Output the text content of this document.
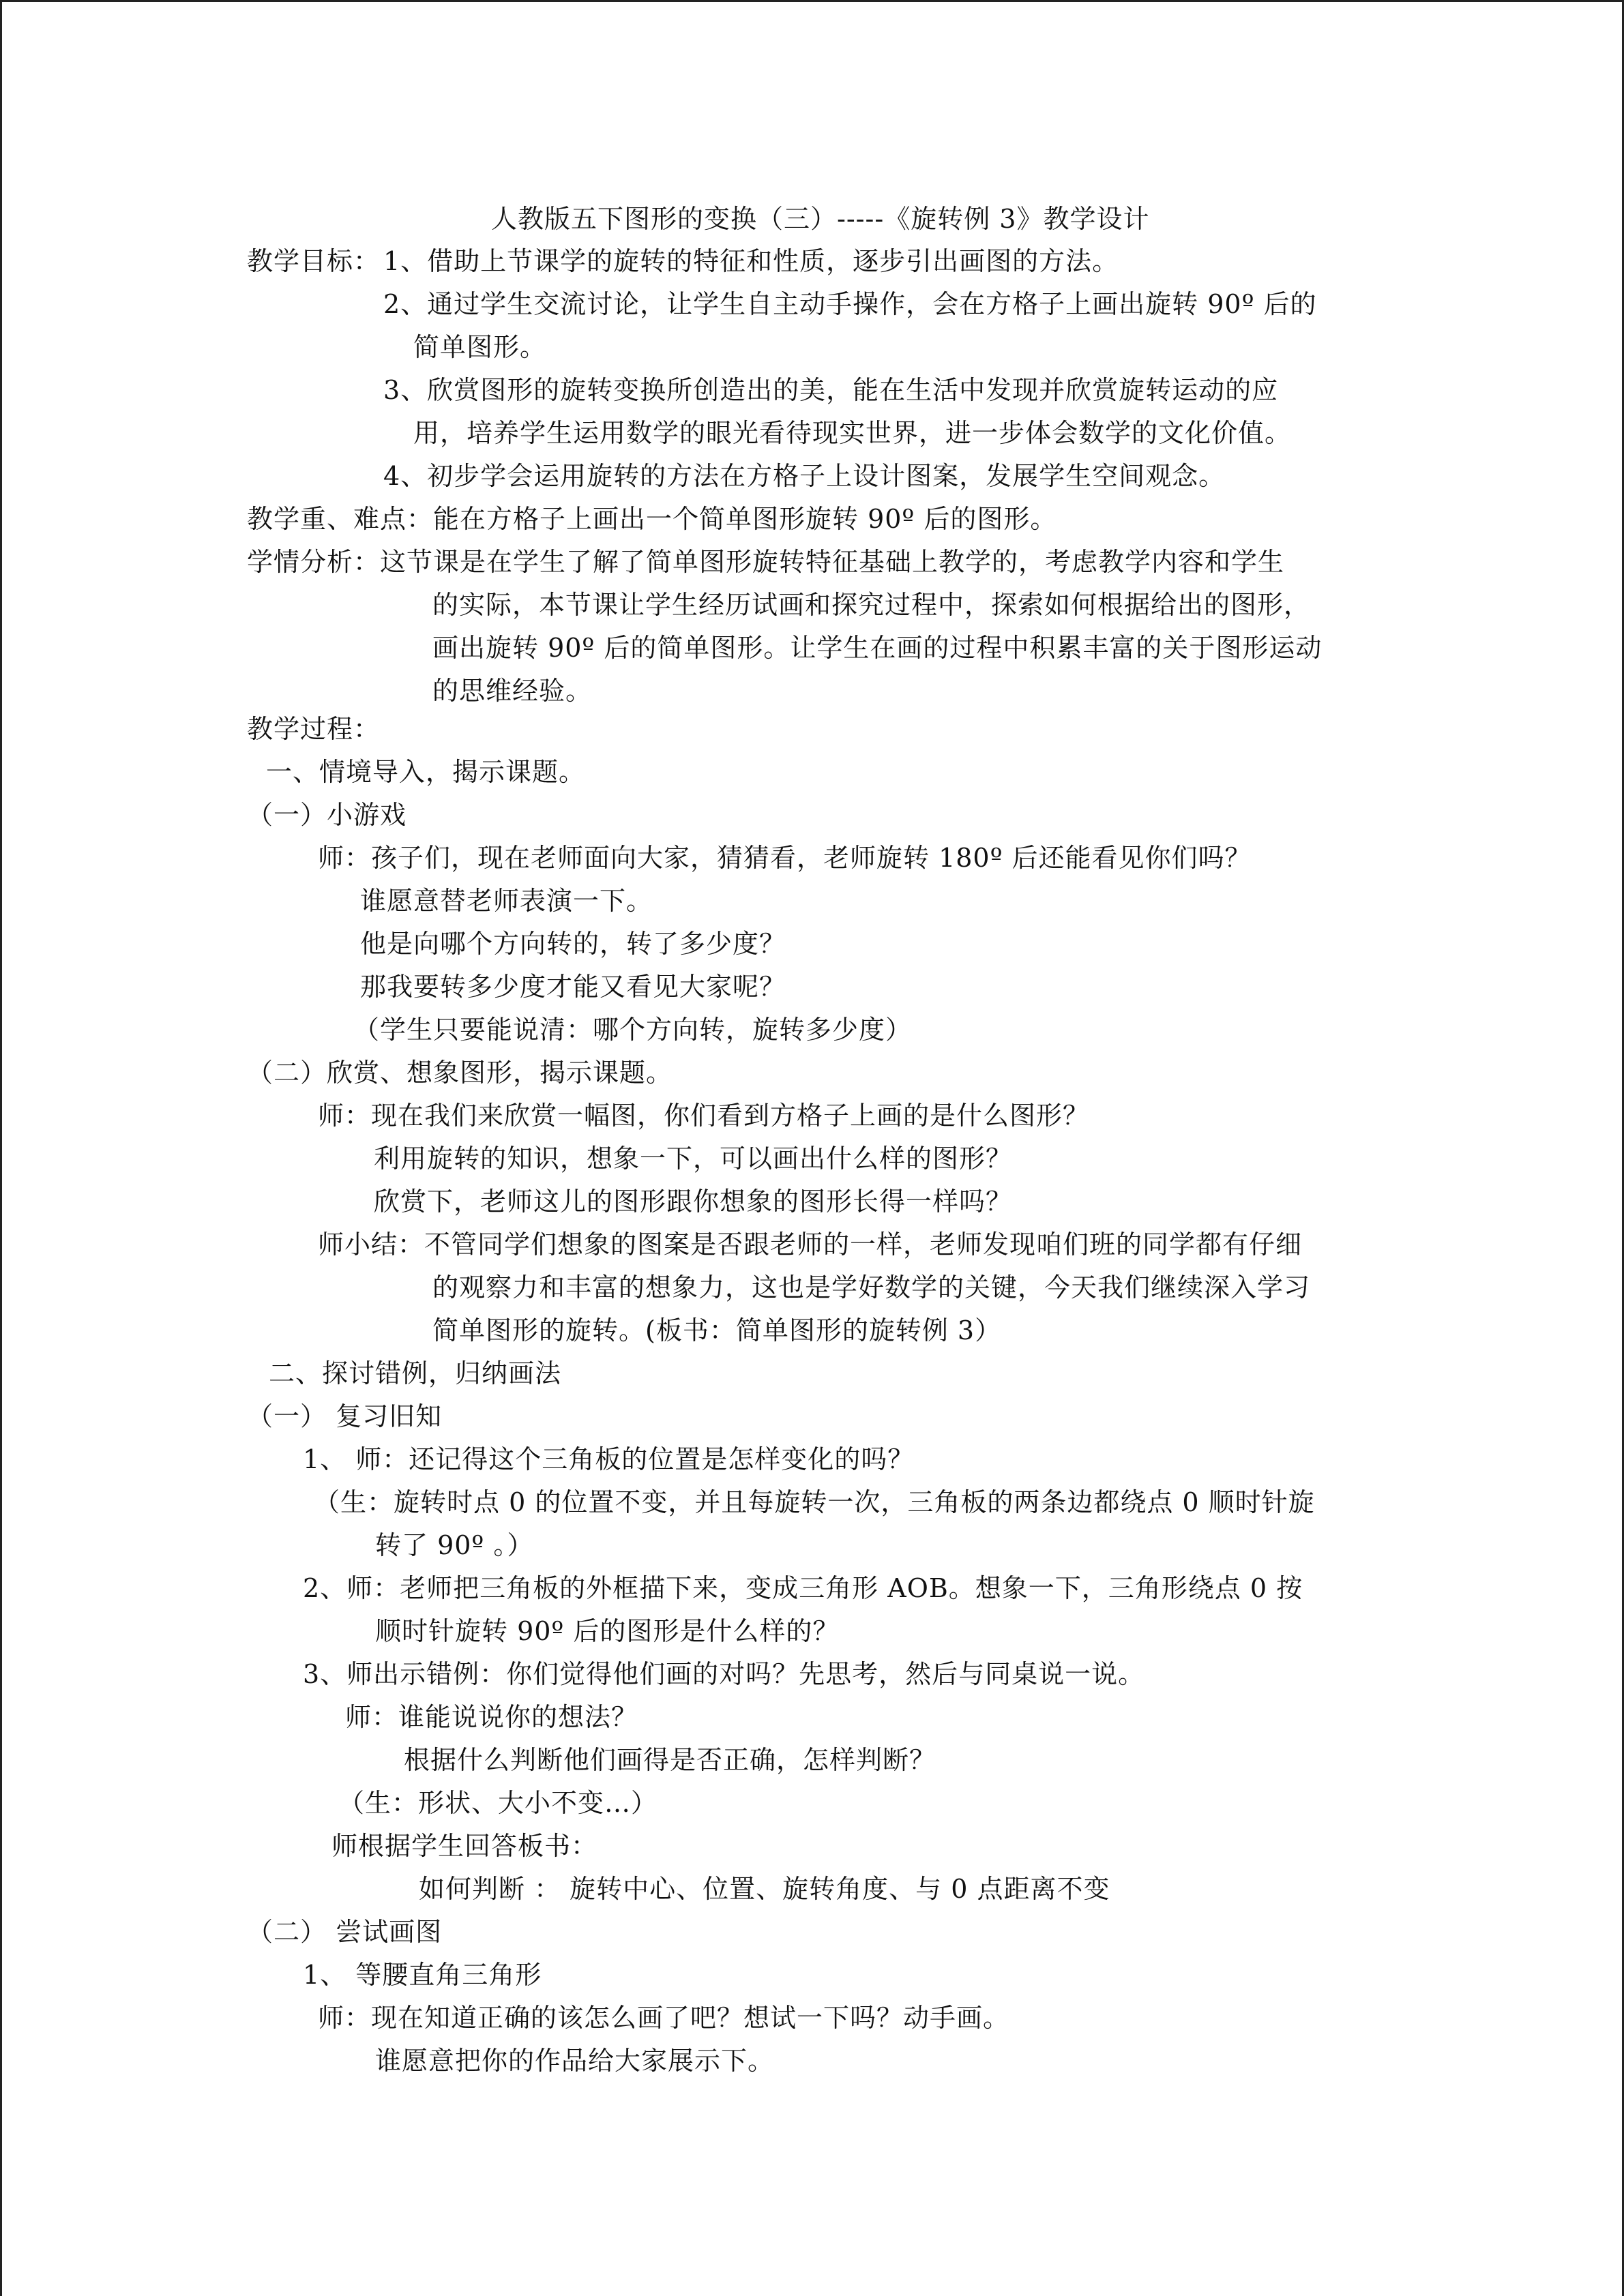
人教版五下图形的变换（三）-----《旋转例 3》教学设计

教学目标： 1、借助上节课学的旋转的特征和性质，逐步引出画图的方法。

2、通过学生交流讨论，让学生自主动手操作，会在方格子上画出旋转 90º 后的

简单图形。

3、欣赏图形的旋转变换所创造出的美，能在生活中发现并欣赏旋转运动的应

用，培养学生运用数学的眼光看待现实世界，进一步体会数学的文化价值。

4、初步学会运用旋转的方法在方格子上设计图案，发展学生空间观念。

教学重、难点：能在方格子上画出一个简单图形旋转 90º 后的图形。

学情分析：这节课是在学生了解了简单图形旋转特征基础上教学的，考虑教学内容和学生

的实际，本节课让学生经历试画和探究过程中，探索如何根据给出的图形，

画出旋转 90º 后的简单图形。让学生在画的过程中积累丰富的关于图形运动

的思维经验。

教学过程：

一、情境导入，揭示课题。

（一）小游戏

师：孩子们，现在老师面向大家，猜猜看，老师旋转 180º 后还能看见你们吗？

谁愿意替老师表演一下。

他是向哪个方向转的，转了多少度？

那我要转多少度才能又看见大家呢？

（学生只要能说清：哪个方向转，旋转多少度）

（二）欣赏、想象图形，揭示课题。

师：现在我们来欣赏一幅图，你们看到方格子上画的是什么图形？

利用旋转的知识，想象一下，可以画出什么样的图形？

欣赏下，老师这儿的图形跟你想象的图形长得一样吗？

师小结：不管同学们想象的图案是否跟老师的一样，老师发现咱们班的同学都有仔细

的观察力和丰富的想象力，这也是学好数学的关键，今天我们继续深入学习

简单图形的旋转。(板书：简单图形的旋转例 3）

二、探讨错例，归纳画法

（一） 复习旧知

1、 师：还记得这个三角板的位置是怎样变化的吗？

（生：旋转时点 0 的位置不变，并且每旋转一次，三角板的两条边都绕点 0 顺时针旋

转了 90º 。）

2、师：老师把三角板的外框描下来，变成三角形 AOB。想象一下，三角形绕点 0 按

顺时针旋转 90º 后的图形是什么样的？

3、师出示错例：你们觉得他们画的对吗？先思考，然后与同桌说一说。

师：谁能说说你的想法？

根据什么判断他们画得是否正确，怎样判断？

（生：形状、大小不变…）

师根据学生回答板书：

如何判断 ： 旋转中心、位置、旋转角度、与 0 点距离不变

（二） 尝试画图

1、 等腰直角三角形

师：现在知道正确的该怎么画了吧？想试一下吗？动手画。

谁愿意把你的作品给大家展示下。
